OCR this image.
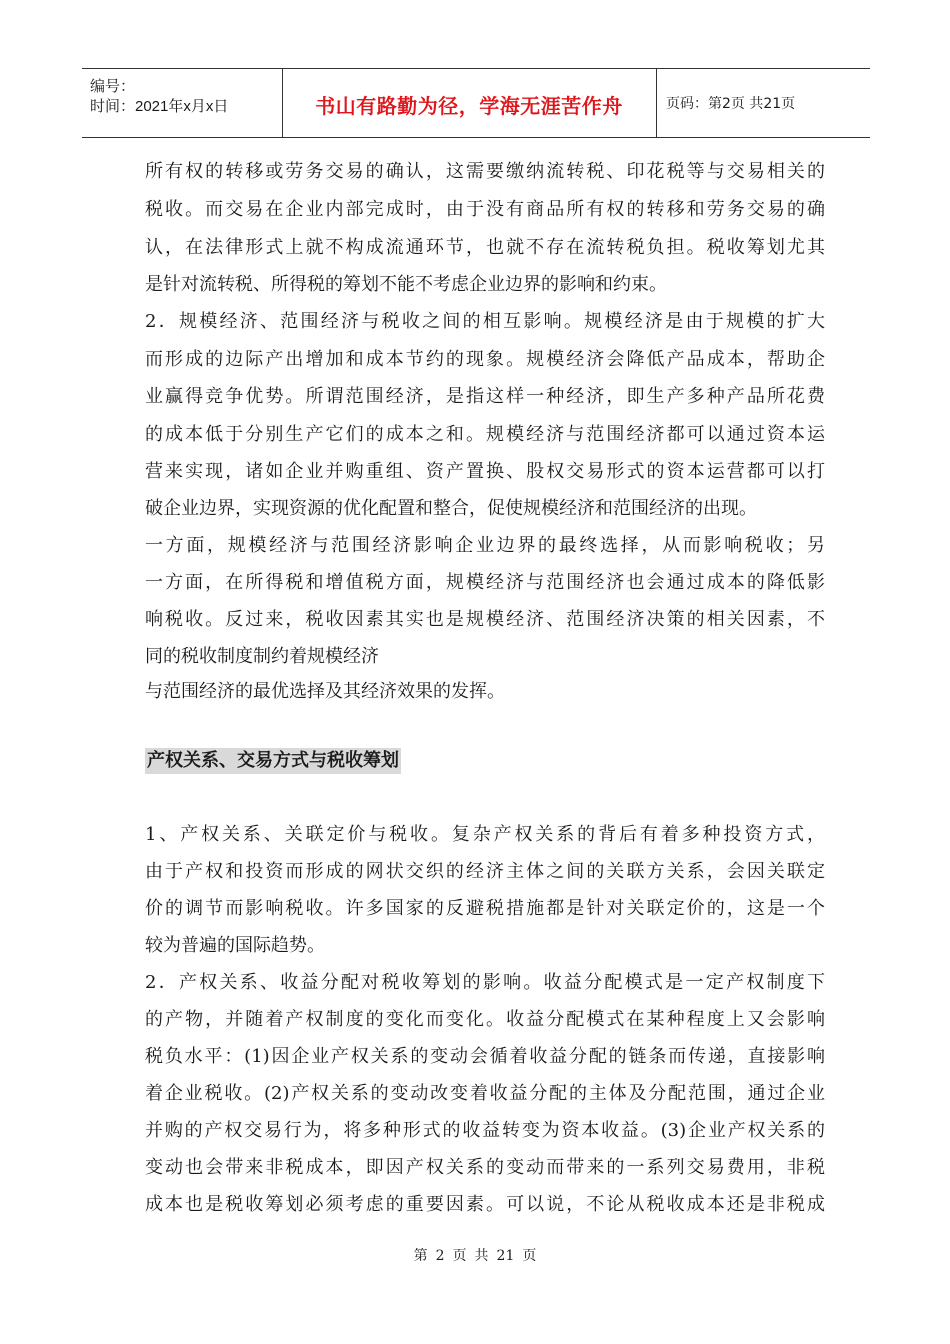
编号：
时间：2021年x月x日	书山有路勤为径，学海无涯苦作舟	页码：第2页 共21页
所有权的转移或劳务交易的确认，这需要缴纳流转税、印花税等与交易相关的
税收。而交易在企业内部完成时，由于没有商品所有权的转移和劳务交易的确
认，在法律形式上就不构成流通环节，也就不存在流转税负担。税收筹划尤其
是针对流转税、所得税的筹划不能不考虑企业边界的影响和约束。
2．规模经济、范围经济与税收之间的相互影响。规模经济是由于规模的扩大
而形成的边际产出增加和成本节约的现象。规模经济会降低产品成本，帮助企
业赢得竞争优势。所谓范围经济，是指这样一种经济，即生产多种产品所花费
的成本低于分别生产它们的成本之和。规模经济与范围经济都可以通过资本运
营来实现，诸如企业并购重组、资产置换、股权交易形式的资本运营都可以打
破企业边界，实现资源的优化配置和整合，促使规模经济和范围经济的出现。
一方面，规模经济与范围经济影响企业边界的最终选择，从而影响税收；另
一方面，在所得税和增值税方面，规模经济与范围经济也会通过成本的降低影
响税收。反过来，税收因素其实也是规模经济、范围经济决策的相关因素，不
同的税收制度制约着规模经济
与范围经济的最优选择及其经济效果的发挥。
产权关系、交易方式与税收筹划
1、产权关系、关联定价与税收。复杂产权关系的背后有着多种投资方式，
由于产权和投资而形成的网状交织的经济主体之间的关联方关系，会因关联定
价的调节而影响税收。许多国家的反避税措施都是针对关联定价的，这是一个
较为普遍的国际趋势。
2．产权关系、收益分配对税收筹划的影响。收益分配模式是一定产权制度下
的产物，并随着产权制度的变化而变化。收益分配模式在某种程度上又会影响
税负水平：(1)因企业产权关系的变动会循着收益分配的链条而传递，直接影响
着企业税收。(2)产权关系的变动改变着收益分配的主体及分配范围，通过企业
并购的产权交易行为，将多种形式的收益转变为资本收益。(3)企业产权关系的
变动也会带来非税成本，即因产权关系的变动而带来的一系列交易费用，非税
成本也是税收筹划必须考虑的重要因素。可以说，不论从税收成本还是非税成
第 2 页 共 21 页
